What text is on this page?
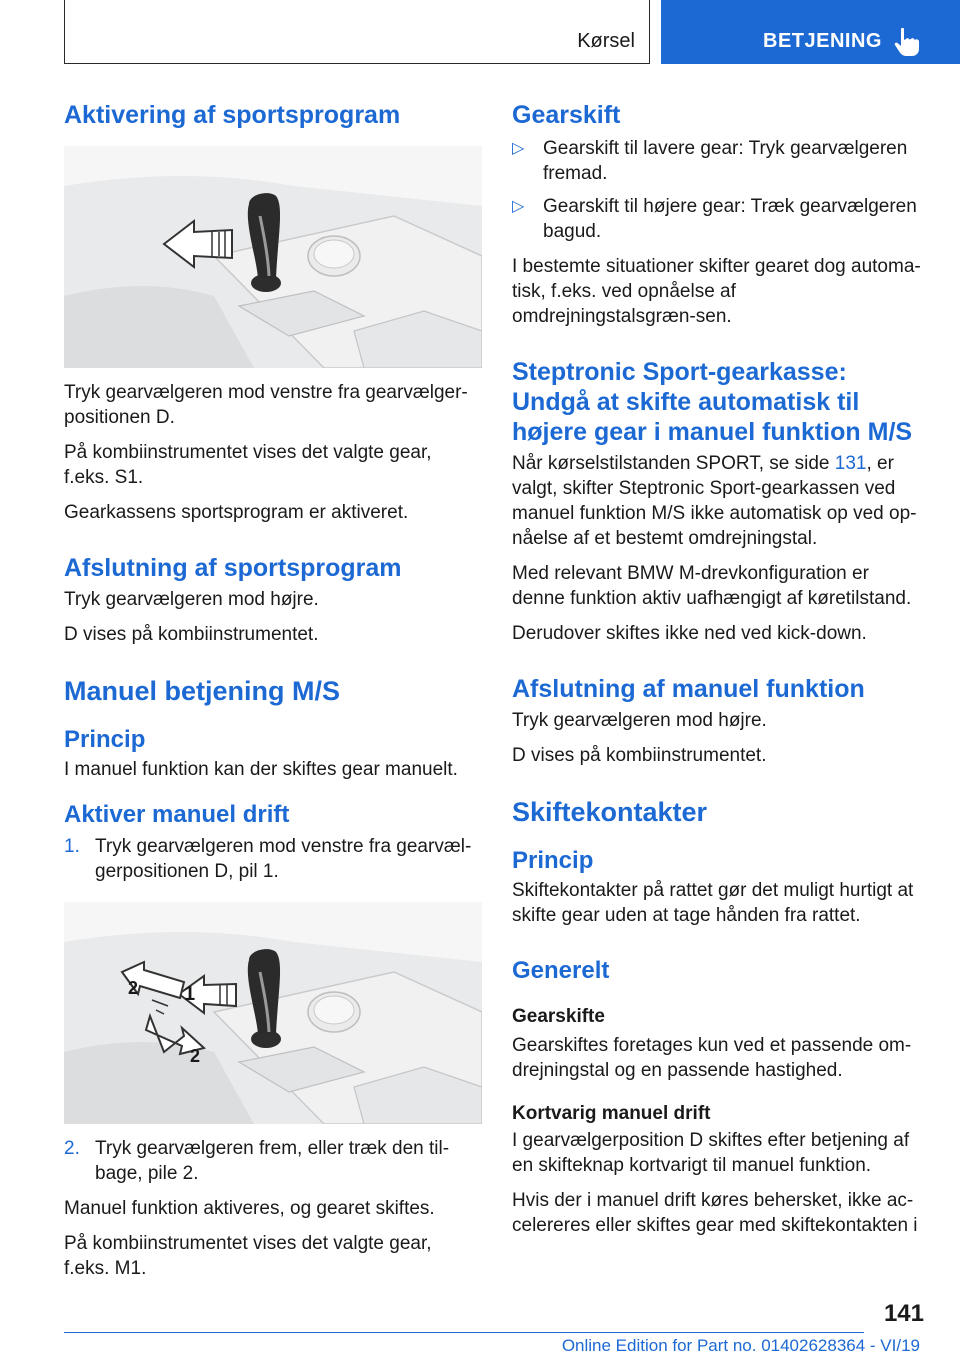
Kørsel	BETJENING
Aktivering af sportsprogram

Tryk gearvælgeren mod venstre fra gearvælger-positionen D.

På kombiinstrumentet vises det valgte gear, f.eks. S1.

Gearkassens sportsprogram er aktiveret.

Afslutning af sportsprogram

Tryk gearvælgeren mod højre.

D vises på kombiinstrumentet.

Manuel betjening M/S
Princip

I manuel funktion kan der skiftes gear manuelt.

Aktiver manuel drift
1. Tryk gearvælgeren mod venstre fra gearvæl-gerpositionen D, pil 1.
1
2
2
2. Tryk gearvælgeren frem, eller træk den til-bage, pile 2.

Manuel funktion aktiveres, og gearet skiftes.

På kombiinstrumentet vises det valgte gear, f.eks. M1.

Gearskift
▷ Gearskift til lavere gear: Tryk gearvælgeren fremad.
▷ Gearskift til højere gear: Træk gearvælgeren bagud.

I bestemte situationer skifter gearet dog automa-tisk, f.eks. ved opnåelse af omdrejningstalsgræn-sen.

Steptronic Sport-gearkasse: Undgå at skifte automatisk til højere gear i manuel funktion M/S

Når kørselstilstanden SPORT, se side 131, er valgt, skifter Steptronic Sport-gearkassen ved manuel funktion M/S ikke automatisk op ved op-nåelse af et bestemt omdrejningstal.

Med relevant BMW M-drevkonfiguration er denne funktion aktiv uafhængigt af køretilstand.

Derudover skiftes ikke ned ved kick-down.

Afslutning af manuel funktion

Tryk gearvælgeren mod højre.

D vises på kombiinstrumentet.

Skiftekontakter
Princip

Skiftekontakter på rattet gør det muligt hurtigt at skifte gear uden at tage hånden fra rattet.

Generelt

Gearskifte

Gearskiftes foretages kun ved et passende om-drejningstal og en passende hastighed.

Kortvarig manuel drift

I gearvælgerposition D skiftes efter betjening af en skifteknap kortvarigt til manuel funktion.

Hvis der i manuel drift køres behersket, ikke ac-celereres eller skiftes gear med skiftekontakten i

141
Online Edition for Part no. 01402628364 - VI/19
